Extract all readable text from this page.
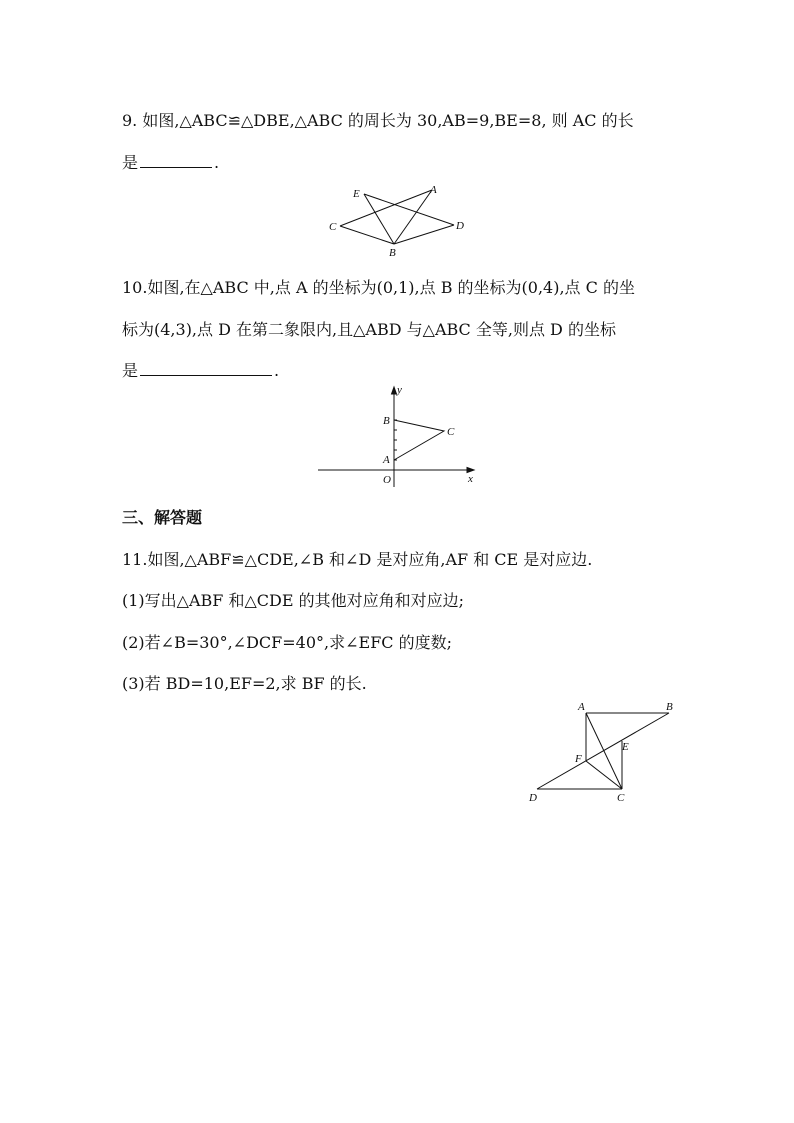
9. 如图,△ABC≌△DBE,△ABC 的周长为 30,AB=9,BE=8, 则 AC 的长
是	.
E	A
C	D
B
10.如图,在△ABC 中,点 A 的坐标为(0,1),点 B 的坐标为(0,4),点 C 的坐
标为(4,3),点 D 在第二象限内,且△ABD 与△ABC 全等,则点 D 的坐标
是	.
y
x
O
A
B
C
三、解答题
11.如图,△ABF≌△CDE,∠B 和∠D 是对应角,AF 和 CE 是对应边.
(1)写出△ABF 和△CDE 的其他对应角和对应边;
(2)若∠B=30°,∠DCF=40°,求∠EFC 的度数;
(3)若 BD=10,EF=2,求 BF 的长.
A	B
E
F
D	C
